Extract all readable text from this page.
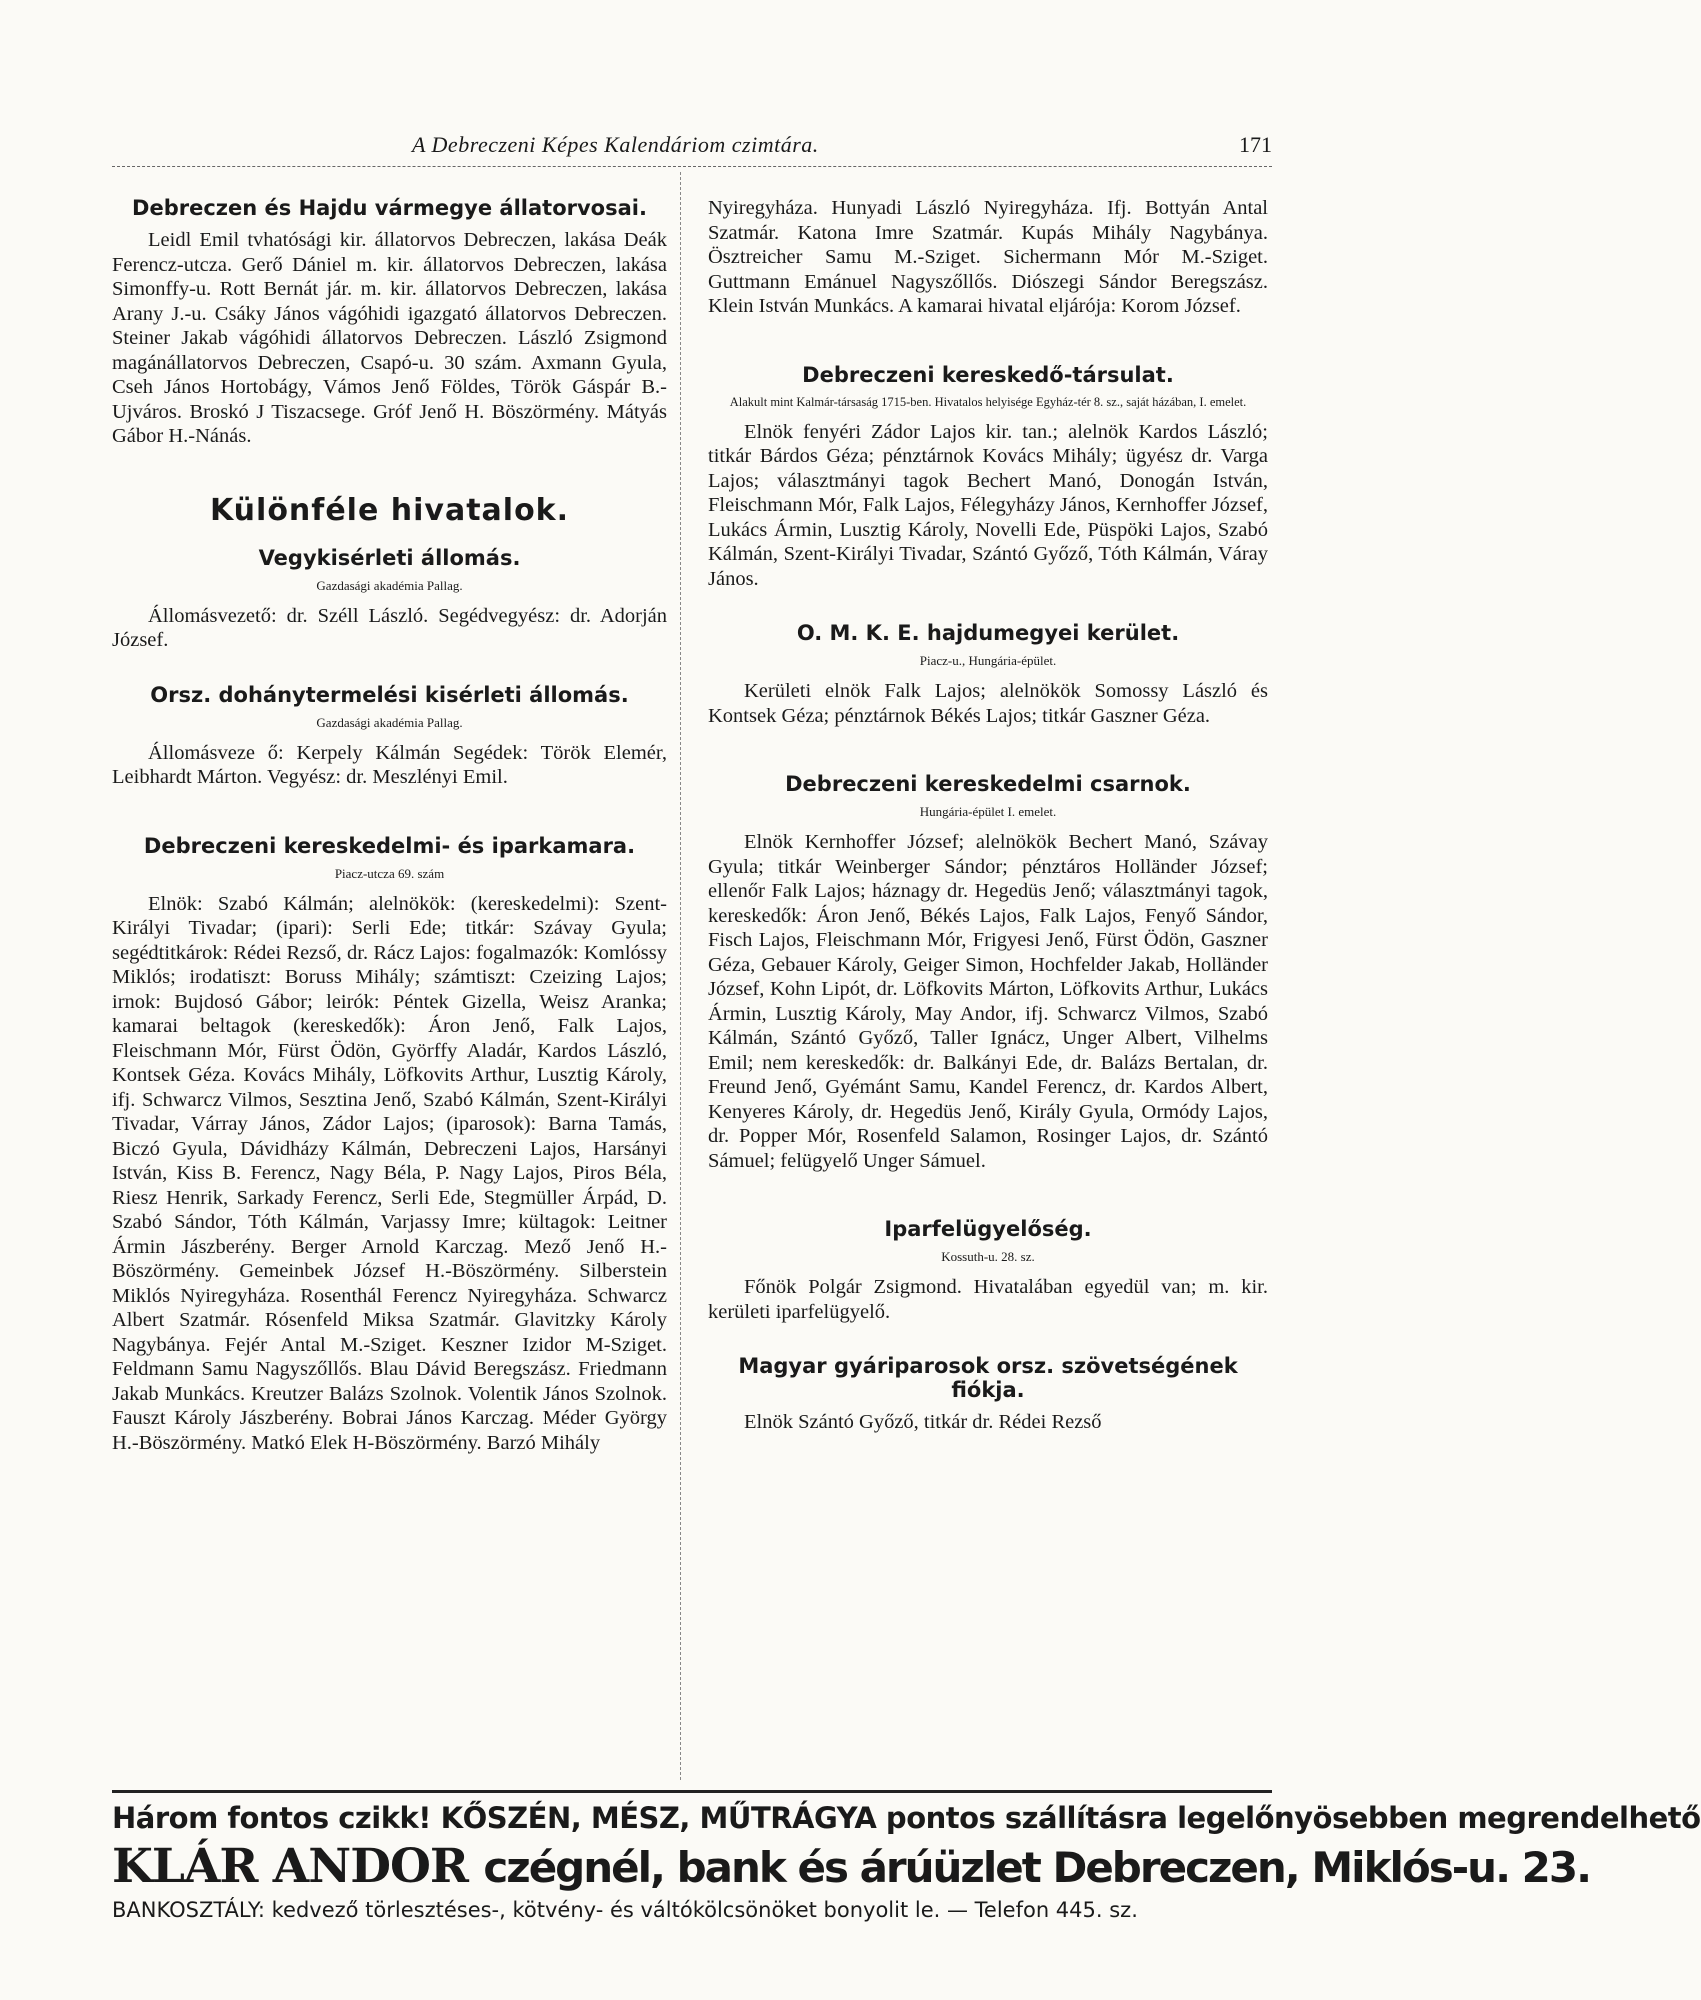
A Debreczeni Képes Kalendáriom czimtára.	171
Debreczen és Hajdu vármegye állatorvosai.

Leidl Emil tvhatósági kir. állatorvos Debreczen, lakása Deák Ferencz-utcza. Gerő Dániel m. kir. állatorvos Debreczen, lakása Simonffy-u. Rott Bernát jár. m. kir. állatorvos Debreczen, lakása Arany J.-u. Csáky János vágóhidi igazgató állatorvos Debreczen. Steiner Jakab vágóhidi állatorvos Debreczen. László Zsigmond magánállatorvos Debreczen, Csapó-u. 30 szám. Axmann Gyula, Cseh János Hortobágy, Vámos Jenő Földes, Török Gáspár B.-Ujváros. Broskó J Tiszacsege. Gróf Jenő H. Böszörmény. Mátyás Gábor H.-Nánás.

Különféle hivatalok.
Vegykisérleti állomás.
Gazdasági akadémia Pallag.

Állomásvezető: dr. Széll László. Segédvegyész: dr. Adorján József.

Orsz. dohánytermelési kisérleti állomás.
Gazdasági akadémia Pallag.

Állomásveze ő: Kerpely Kálmán Segédek: Török Elemér, Leibhardt Márton. Vegyész: dr. Meszlényi Emil.

Debreczeni kereskedelmi- és iparkamara.
Piacz-utcza 69. szám

Elnök: Szabó Kálmán; alelnökök: (kereskedelmi): Szent-Királyi Tivadar; (ipari): Serli Ede; titkár: Szávay Gyula; segédtitkárok: Rédei Rezső, dr. Rácz Lajos: fogalmazók: Komlóssy Miklós; irodatiszt: Boruss Mihály; számtiszt: Czeizing Lajos; irnok: Bujdosó Gábor; leirók: Péntek Gizella, Weisz Aranka; kamarai beltagok (kereskedők): Áron Jenő, Falk Lajos, Fleischmann Mór, Fürst Ödön, Györffy Aladár, Kardos László, Kontsek Géza. Kovács Mihály, Löfkovits Arthur, Lusztig Károly, ifj. Schwarcz Vilmos, Sesztina Jenő, Szabó Kálmán, Szent-Királyi Tivadar, Várray János, Zádor Lajos; (iparosok): Barna Tamás, Biczó Gyula, Dávidházy Kálmán, Debreczeni Lajos, Harsányi István, Kiss B. Ferencz, Nagy Béla, P. Nagy Lajos, Piros Béla, Riesz Henrik, Sarkady Ferencz, Serli Ede, Stegmüller Árpád, D. Szabó Sándor, Tóth Kálmán, Varjassy Imre; kültagok: Leitner Ármin Jászberény. Berger Arnold Karczag. Mező Jenő H.-Böszörmény. Gemeinbek József H.-Böszörmény. Silberstein Miklós Nyiregyháza. Rosenthál Ferencz Nyiregyháza. Schwarcz Albert Szatmár. Rósenfeld Miksa Szatmár. Glavitzky Károly Nagybánya. Fejér Antal M.-Sziget. Keszner Izidor M-Sziget. Feldmann Samu Nagyszőllős. Blau Dávid Beregszász. Friedmann Jakab Munkács. Kreutzer Balázs Szolnok. Volentik János Szolnok. Fauszt Károly Jászberény. Bobrai János Karczag. Méder György H.-Böszörmény. Matkó Elek H-Böszörmény. Barzó Mihály

Nyiregyháza. Hunyadi László Nyiregyháza. Ifj. Bottyán Antal Szatmár. Katona Imre Szatmár. Kupás Mihály Nagybánya. Ösztreicher Samu M.-Sziget. Sichermann Mór M.-Sziget. Guttmann Emánuel Nagyszőllős. Diószegi Sándor Beregszász. Klein István Munkács. A kamarai hivatal eljárója: Korom József.

Debreczeni kereskedő-társulat.
Alakult mint Kalmár-társaság 1715-ben. Hivatalos helyisége Egyház-tér 8. sz., saját házában, I. emelet.

Elnök fenyéri Zádor Lajos kir. tan.; alelnök Kardos László; titkár Bárdos Géza; pénztárnok Kovács Mihály; ügyész dr. Varga Lajos; választmányi tagok Bechert Manó, Donogán István, Fleischmann Mór, Falk Lajos, Félegyházy János, Kernhoffer József, Lukács Ármin, Lusztig Károly, Novelli Ede, Püspöki Lajos, Szabó Kálmán, Szent-Királyi Tivadar, Szántó Győző, Tóth Kálmán, Váray János.

O. M. K. E. hajdumegyei kerület.
Piacz-u., Hungária-épület.

Kerületi elnök Falk Lajos; alelnökök Somossy László és Kontsek Géza; pénztárnok Békés Lajos; titkár Gaszner Géza.

Debreczeni kereskedelmi csarnok.
Hungária-épület I. emelet.

Elnök Kernhoffer József; alelnökök Bechert Manó, Szávay Gyula; titkár Weinberger Sándor; pénztáros Holländer József; ellenőr Falk Lajos; háznagy dr. Hegedüs Jenő; választmányi tagok, kereskedők: Áron Jenő, Békés Lajos, Falk Lajos, Fenyő Sándor, Fisch Lajos, Fleischmann Mór, Frigyesi Jenő, Fürst Ödön, Gaszner Géza, Gebauer Károly, Geiger Simon, Hochfelder Jakab, Holländer József, Kohn Lipót, dr. Löfkovits Márton, Löfkovits Arthur, Lukács Ármin, Lusztig Károly, May Andor, ifj. Schwarcz Vilmos, Szabó Kálmán, Szántó Győző, Taller Ignácz, Unger Albert, Vilhelms Emil; nem kereskedők: dr. Balkányi Ede, dr. Balázs Bertalan, dr. Freund Jenő, Gyémánt Samu, Kandel Ferencz, dr. Kardos Albert, Kenyeres Károly, dr. Hegedüs Jenő, Király Gyula, Ormódy Lajos, dr. Popper Mór, Rosenfeld Salamon, Rosinger Lajos, dr. Szántó Sámuel; felügyelő Unger Sámuel.

Iparfelügyelőség.
Kossuth-u. 28. sz.

Főnök Polgár Zsigmond. Hivatalában egyedül van; m. kir. kerületi iparfelügyelő.

Magyar gyáriparosok orsz. szövetségének fiókja.

Elnök Szántó Győző, titkár dr. Rédei Rezső

Három fontos czikk! KŐSZÉN, MÉSZ, MŰTRÁGYA pontos szállításra legelőnyösebben megrendelhető
KLÁR ANDOR czégnél, bank és árúüzlet Debreczen, Miklós-u. 23.
BANKOSZTÁLY: kedvező törlesztéses-, kötvény- és váltókölcsönöket bonyolit le. — Telefon 445. sz.
